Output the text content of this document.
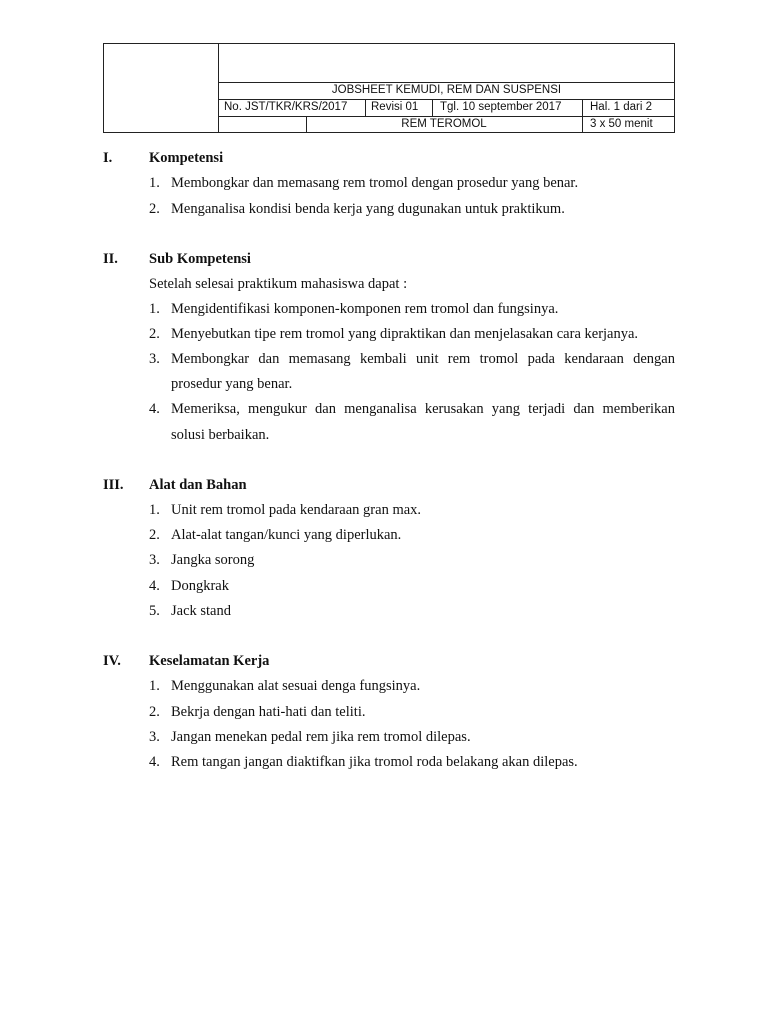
JOBSHEET KEMUDI, REM DAN SUSPENSI
No. JST/TKR/KRS/2017 Revisi 01 Tgl. 10 september 2017 Hal. 1 dari 2
REM TEROMOL	3 x 50 menit
I.	Kompetensi
1. Membongkar dan memasang rem tromol dengan prosedur yang benar.
2. Menganalisa kondisi benda kerja yang dugunakan untuk praktikum.
II. Sub Kompetensi
Setelah selesai praktikum mahasiswa dapat :
1. Mengidentifikasi komponen-komponen rem tromol dan fungsinya.
2. Menyebutkan tipe rem tromol yang dipraktikan dan menjelasakan cara kerjanya.
3. Membongkar dan memasang kembali unit rem tromol pada kendaraan dengan
prosedur yang benar.
4. Memeriksa, mengukur dan menganalisa kerusakan yang terjadi dan memberikan
solusi berbaikan.
III. Alat dan Bahan
1. Unit rem tromol pada kendaraan gran max.
2. Alat-alat tangan/kunci yang diperlukan.
3. Jangka sorong
4. Dongkrak
5. Jack stand
IV. Keselamatan Kerja
1. Menggunakan alat sesuai denga fungsinya.
2. Bekrja dengan hati-hati dan teliti.
3. Jangan menekan pedal rem jika rem tromol dilepas.
4. Rem tangan jangan diaktifkan jika tromol roda belakang akan dilepas.
